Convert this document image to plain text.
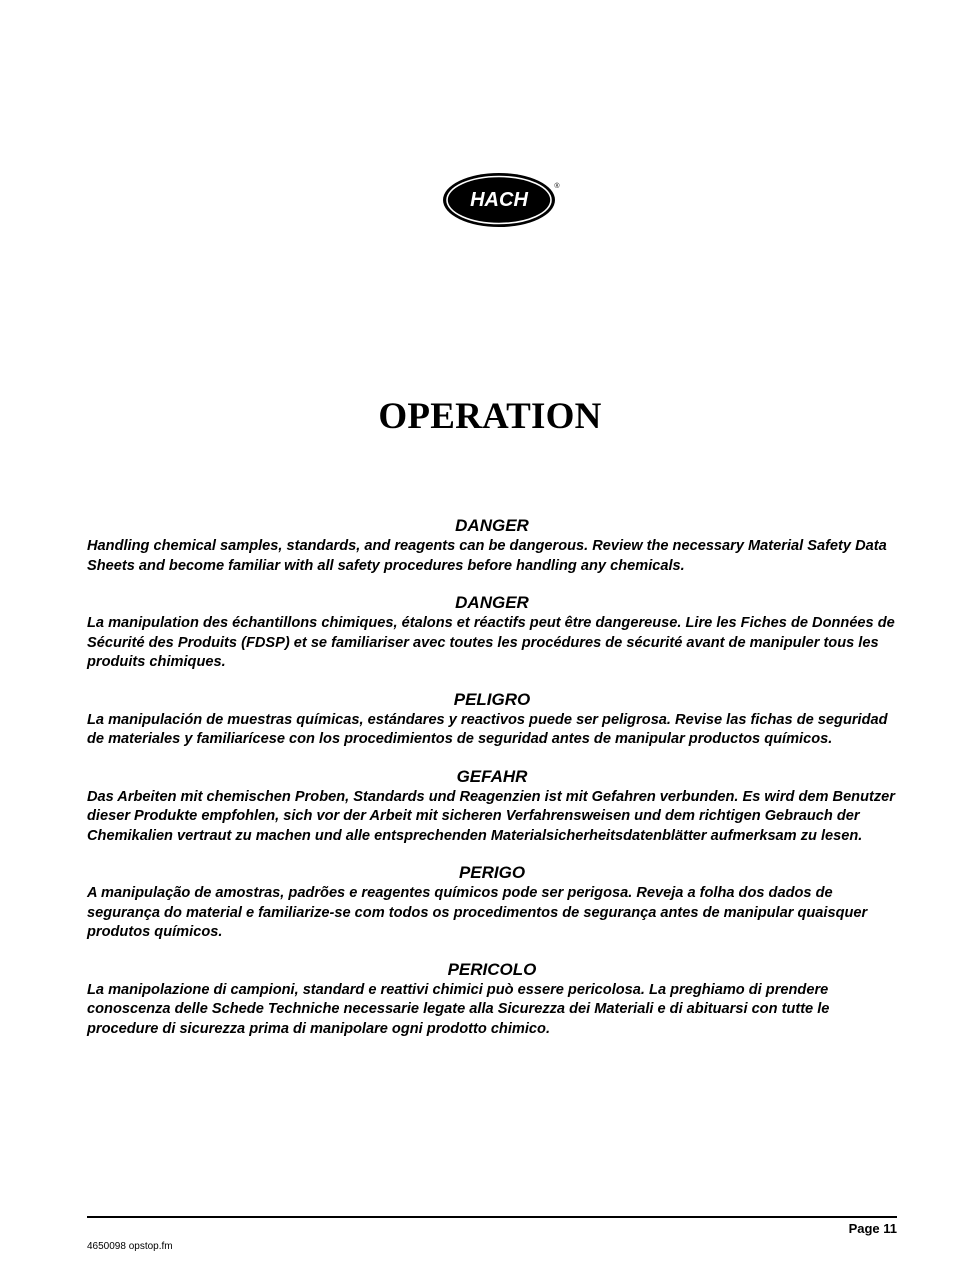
HACH
®
OPERATION
DANGER

Handling chemical samples, standards, and reagents can be dangerous. Review the necessary Material Safety Data Sheets and become familiar with all safety procedures before handling any chemicals.

DANGER

La manipulation des échantillons chimiques, étalons et réactifs peut être dangereuse. Lire les Fiches de Données de Sécurité des Produits (FDSP) et se familiariser avec toutes les procédures de sécurité avant de manipuler tous les produits chimiques.

PELIGRO

La manipulación de muestras químicas, estándares y reactivos puede ser peligrosa. Revise las fichas de seguridad de materiales y familiarícese con los procedimientos de seguridad antes de manipular productos químicos.

GEFAHR

Das Arbeiten mit chemischen Proben, Standards und Reagenzien ist mit Gefahren verbunden. Es wird dem Benutzer dieser Produkte empfohlen, sich vor der Arbeit mit sicheren Verfahrensweisen und dem richtigen Gebrauch der Chemikalien vertraut zu machen und alle entsprechenden Materialsicherheitsdatenblätter aufmerksam zu lesen.

PERIGO

A manipulação de amostras, padrões e reagentes químicos pode ser perigosa. Reveja a folha dos dados de segurança do material e familiarize-se com todos os procedimentos de segurança antes de manipular quaisquer produtos químicos.

PERICOLO

La manipolazione di campioni, standard e reattivi chimici può essere pericolosa. La preghiamo di prendere conoscenza delle Schede Techniche necessarie legate alla Sicurezza dei Materiali e di abituarsi con tutte le procedure di sicurezza prima di manipolare ogni prodotto chimico.

Page 11
4650098 opstop.fm
